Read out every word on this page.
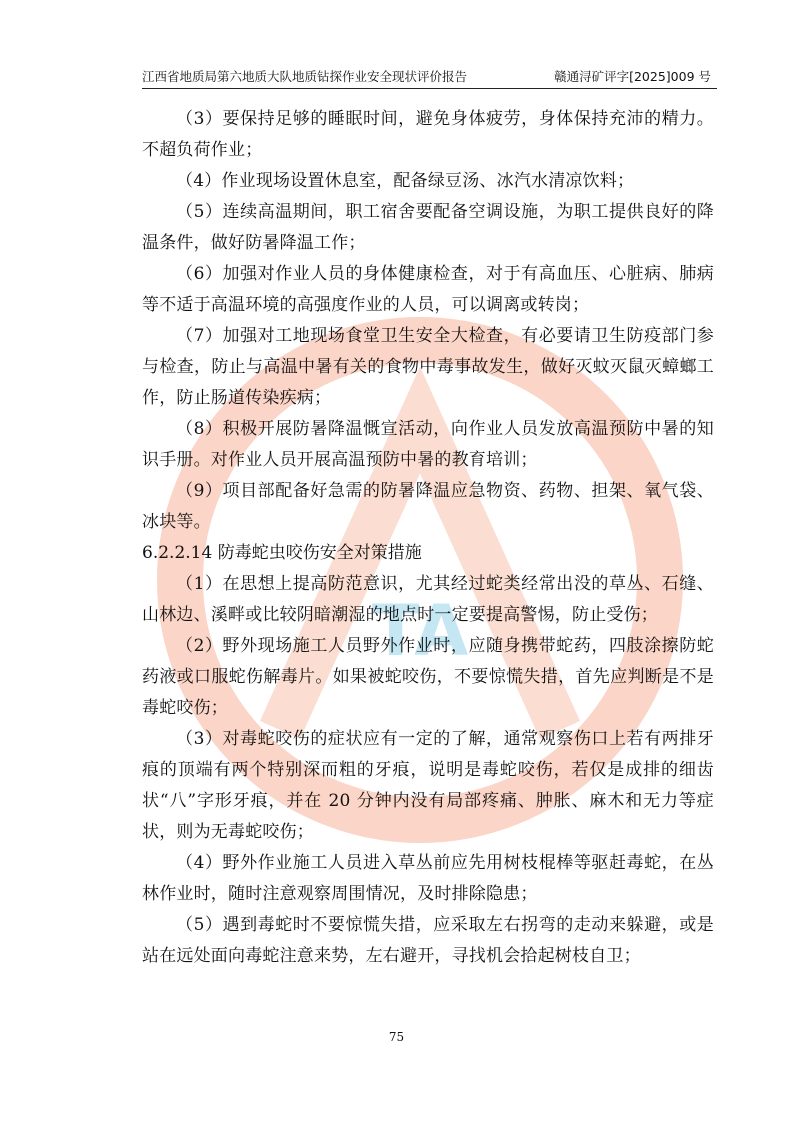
江西省地质局第六地质大队地质钻探作业安全现状评价报告	赣通浔矿评字[2025]009 号
TA

（3）要保持足够的睡眠时间，避免身体疲劳，身体保持充沛的精力。不超负荷作业；

（4）作业现场设置休息室，配备绿豆汤、冰汽水清凉饮料；

（5）连续高温期间，职工宿舍要配备空调设施，为职工提供良好的降温条件，做好防暑降温工作；

（6）加强对作业人员的身体健康检查，对于有高血压、心脏病、肺病等不适于高温环境的高强度作业的人员，可以调离或转岗；

（7）加强对工地现场食堂卫生安全大检查，有必要请卫生防疫部门参与检查，防止与高温中暑有关的食物中毒事故发生，做好灭蚊灭鼠灭蟑螂工作，防止肠道传染疾病；

（8）积极开展防暑降温慨宣活动，向作业人员发放高温预防中暑的知识手册。对作业人员开展高温预防中暑的教育培训；

（9）项目部配备好急需的防暑降温应急物资、药物、担架、氧气袋、冰块等。

6.2.2.14 防毒蛇虫咬伤安全对策措施

（1）在思想上提高防范意识，尤其经过蛇类经常出没的草丛、石缝、山林边、溪畔或比较阴暗潮湿的地点时一定要提高警惕，防止受伤；

（2）野外现场施工人员野外作业时，应随身携带蛇药，四肢涂擦防蛇药液或口服蛇伤解毒片。如果被蛇咬伤，不要惊慌失措，首先应判断是不是毒蛇咬伤；

（3）对毒蛇咬伤的症状应有一定的了解，通常观察伤口上若有两排牙痕的顶端有两个特别深而粗的牙痕，说明是毒蛇咬伤，若仅是成排的细齿状“八”字形牙痕，并在 20 分钟内没有局部疼痛、肿胀、麻木和无力等症状，则为无毒蛇咬伤；

（4）野外作业施工人员进入草丛前应先用树枝棍棒等驱赶毒蛇，在丛林作业时，随时注意观察周围情况，及时排除隐患；

（5）遇到毒蛇时不要惊慌失措，应采取左右拐弯的走动来躲避，或是站在远处面向毒蛇注意来势，左右避开，寻找机会拾起树枝自卫；

75
